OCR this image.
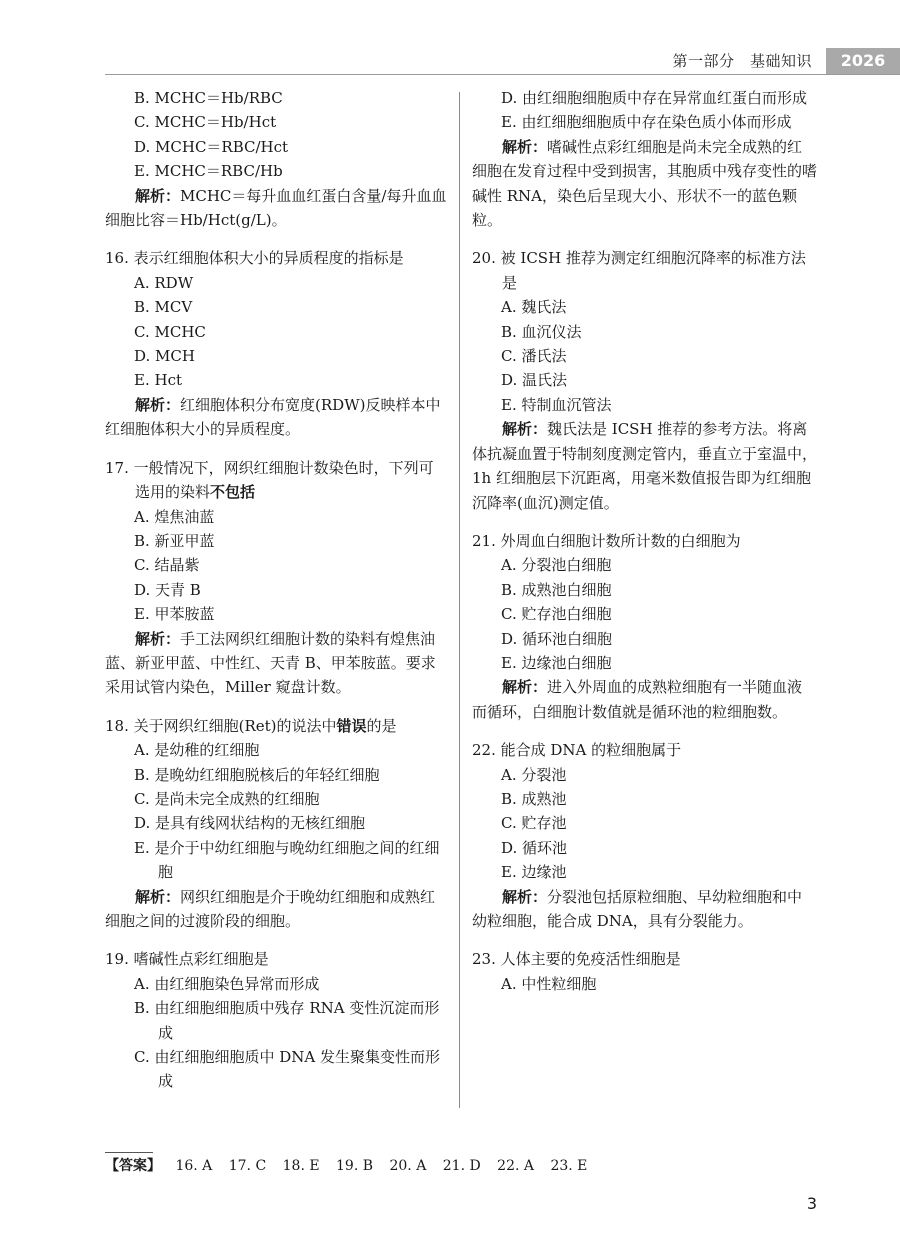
第一部分　基础知识	2026
B. MCHC＝Hb/RBC
C. MCHC＝Hb/Hct
D. MCHC＝RBC/Hct
E. MCHC＝RBC/Hb
解析：MCHC＝每升血血红蛋白含量/每升血血细胞比容＝Hb/Hct(g/L)。
16. 表示红细胞体积大小的异质程度的指标是
A. RDW
B. MCV
C. MCHC
D. MCH
E. Hct
解析：红细胞体积分布宽度(RDW)反映样本中红细胞体积大小的异质程度。
17. 一般情况下，网织红细胞计数染色时，下列可选用的染料不包括
A. 煌焦油蓝
B. 新亚甲蓝
C. 结晶紫
D. 天青 B
E. 甲苯胺蓝
解析：手工法网织红细胞计数的染料有煌焦油蓝、新亚甲蓝、中性红、天青 B、甲苯胺蓝。要求采用试管内染色，Miller 窥盘计数。
18. 关于网织红细胞(Ret)的说法中错误的是
A. 是幼稚的红细胞
B. 是晚幼红细胞脱核后的年轻红细胞
C. 是尚未完全成熟的红细胞
D. 是具有线网状结构的无核红细胞
E. 是介于中幼红细胞与晚幼红细胞之间的红细胞
解析：网织红细胞是介于晚幼红细胞和成熟红细胞之间的过渡阶段的细胞。
19. 嗜碱性点彩红细胞是
A. 由红细胞染色异常而形成
B. 由红细胞细胞质中残存 RNA 变性沉淀而形成
C. 由红细胞细胞质中 DNA 发生聚集变性而形成
D. 由红细胞细胞质中存在异常血红蛋白而形成
E. 由红细胞细胞质中存在染色质小体而形成
解析：嗜碱性点彩红细胞是尚未完全成熟的红细胞在发育过程中受到损害，其胞质中残存变性的嗜碱性 RNA，染色后呈现大小、形状不一的蓝色颗粒。
20. 被 ICSH 推荐为测定红细胞沉降率的标准方法是
A. 魏氏法
B. 血沉仪法
C. 潘氏法
D. 温氏法
E. 特制血沉管法
解析：魏氏法是 ICSH 推荐的参考方法。将离体抗凝血置于特制刻度测定管内，垂直立于室温中，1h 红细胞层下沉距离，用毫米数值报告即为红细胞沉降率(血沉)测定值。
21. 外周血白细胞计数所计数的白细胞为
A. 分裂池白细胞
B. 成熟池白细胞
C. 贮存池白细胞
D. 循环池白细胞
E. 边缘池白细胞
解析：进入外周血的成熟粒细胞有一半随血液而循环，白细胞计数值就是循环池的粒细胞数。
22. 能合成 DNA 的粒细胞属于
A. 分裂池
B. 成熟池
C. 贮存池
D. 循环池
E. 边缘池
解析：分裂池包括原粒细胞、早幼粒细胞和中幼粒细胞，能合成 DNA，具有分裂能力。
23. 人体主要的免疫活性细胞是
A. 中性粒细胞
【答案】 16. A 17. C 18. E 19. B 20. A 21. D 22. A 23. E
3
